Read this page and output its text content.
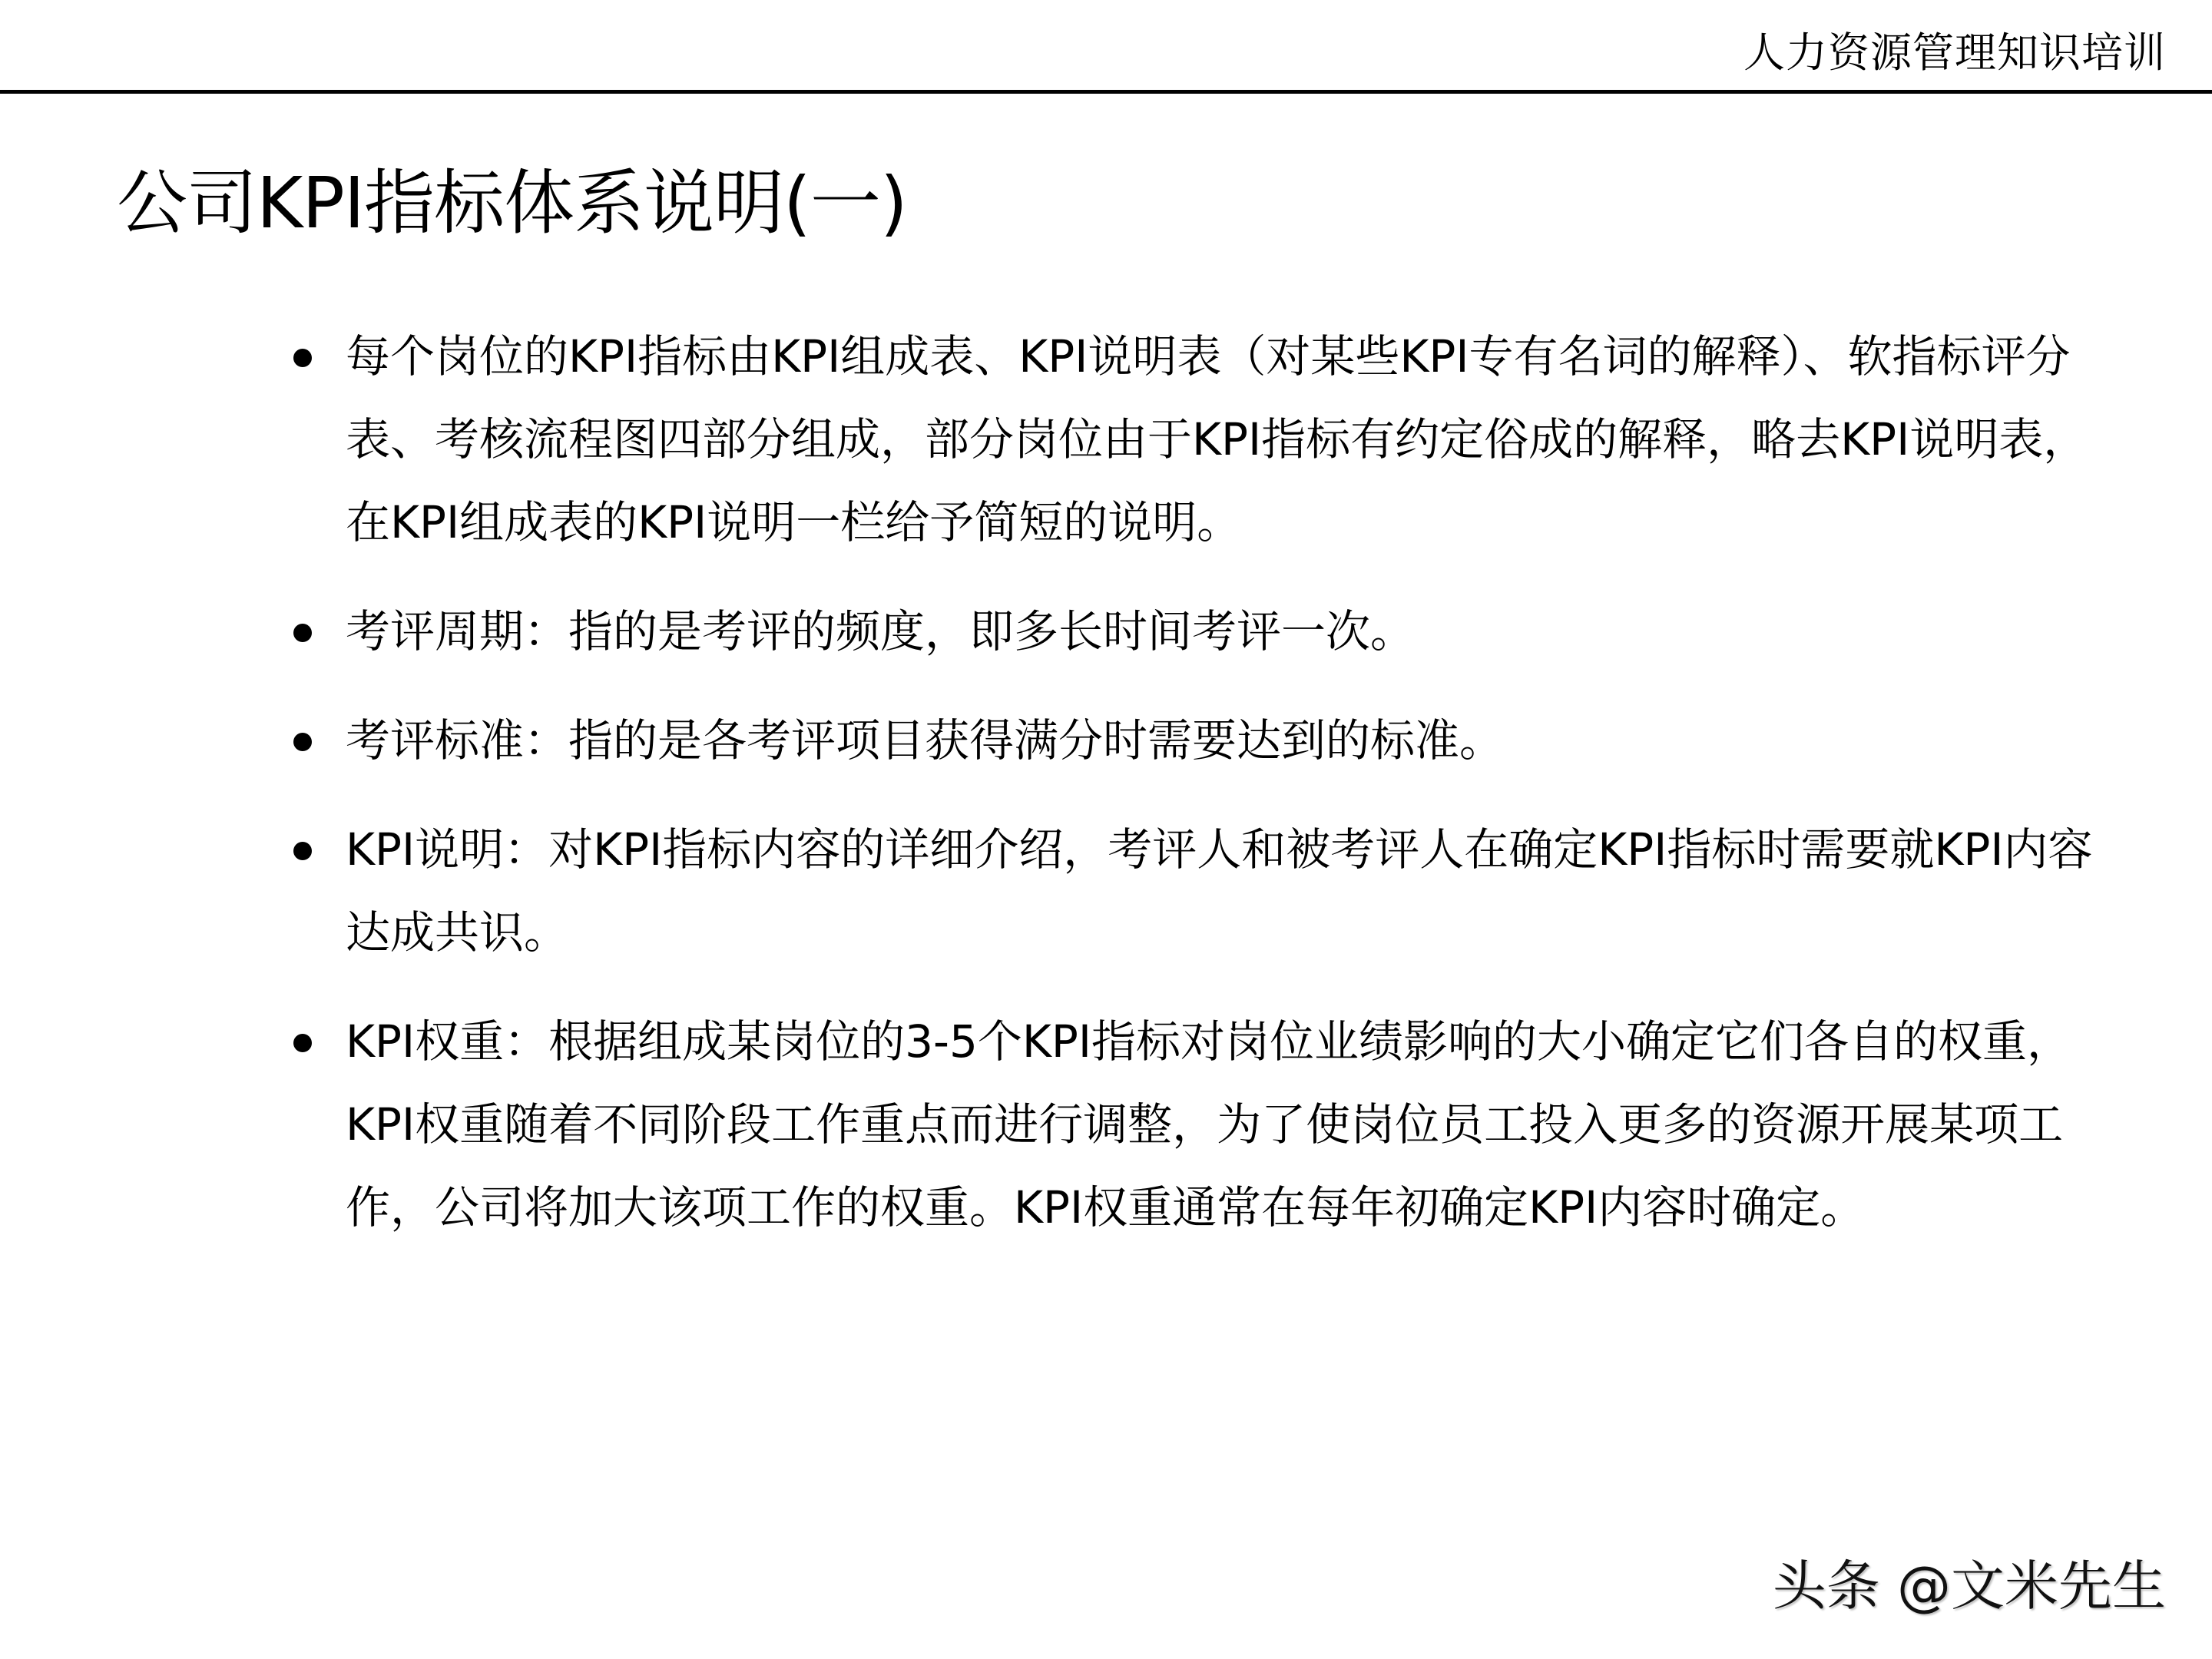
人力资源管理知识培训
公司KPI指标体系说明(一)
每个岗位的KPI指标由KPI组成表、KPI说明表（对某些KPI专有名词的解释）、软指标评分表、考核流程图四部分组成，部分岗位由于KPI指标有约定俗成的解释，略去KPI说明表，在KPI组成表的KPI说明一栏给予简短的说明。
考评周期：指的是考评的频度，即多长时间考评一次。
考评标准：指的是各考评项目获得满分时需要达到的标准。
KPI说明：对KPI指标内容的详细介绍，考评人和被考评人在确定KPI指标时需要就KPI内容达成共识。
KPI权重：根据组成某岗位的3-5个KPI指标对岗位业绩影响的大小确定它们各自的权重，KPI权重随着不同阶段工作重点而进行调整，为了使岗位员工投入更多的资源开展某项工作，公司将加大该项工作的权重。KPI权重通常在每年初确定KPI内容时确定。
头条 @文米先生
